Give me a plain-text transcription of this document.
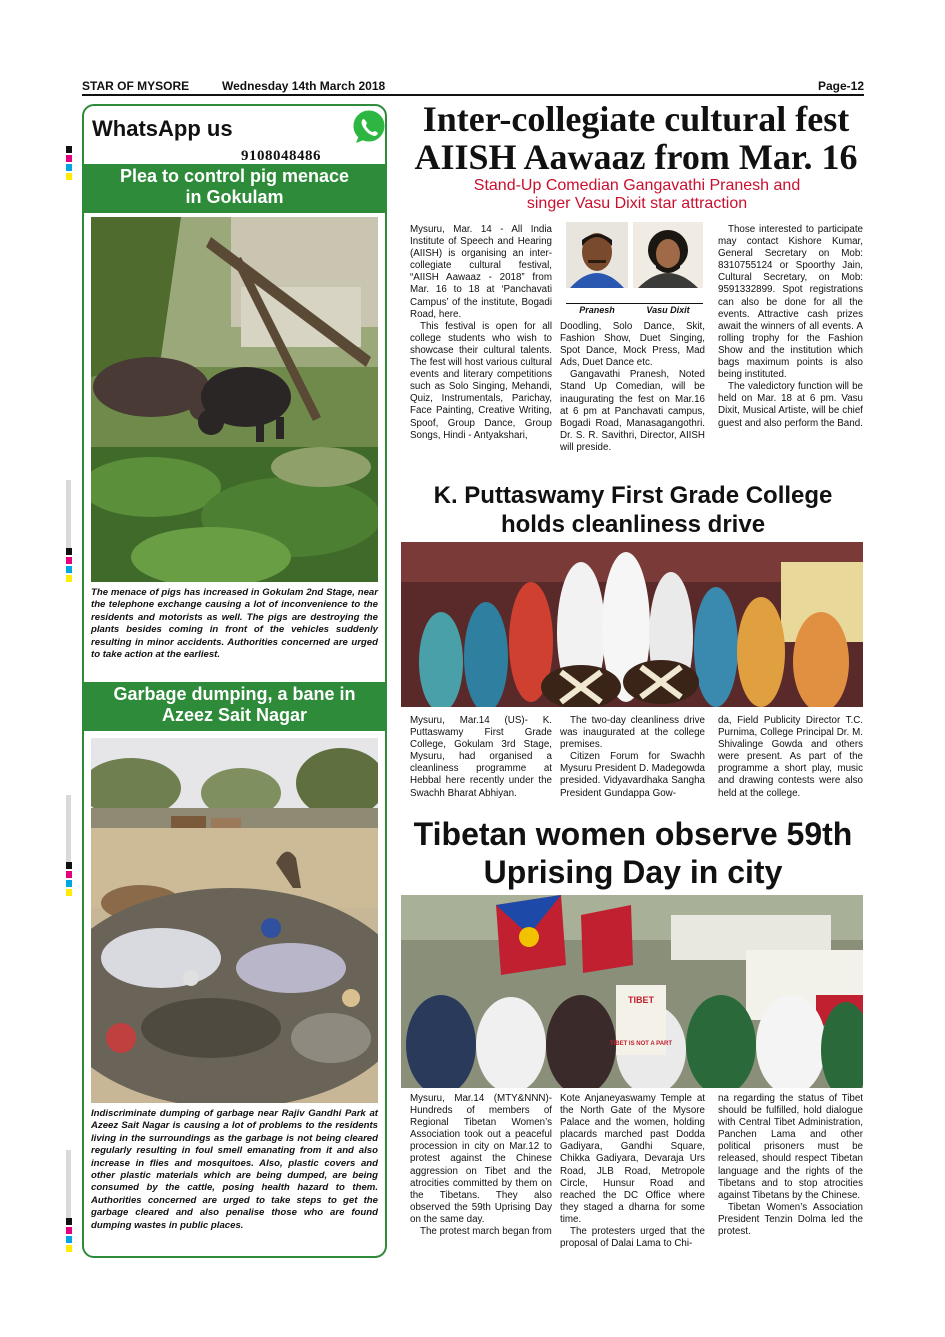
STAR OF MYSORE	Wednesday 14th March 2018	Page-12
WhatsApp us
9108048486
Plea to control pig menace
in Gokulam
The menace of pigs has increased in Gokulam 2nd Stage, near the telephone exchange causing a lot of inconvenience to the residents and motorists as well. The pigs are destroying the plants besides coming in front of the vehicles suddenly resulting in minor accidents. Authorities concerned are urged to take action at the earliest.
Garbage dumping, a bane in
Azeez Sait Nagar
Indiscriminate dumping of garbage near Rajiv Gandhi Park at Azeez Sait Nagar is causing a lot of problems to the residents living in the surroundings as the garbage is not being cleared regularly resulting in foul smell emanating from it and also increase in flies and mosquitoes. Also, plastic covers and other plastic materials which are being dumped, are being consumed by the cattle, posing health hazard to them. Authorities concerned are urged to take steps to get the garbage cleared and also penalise those who are found dumping wastes in public places.
Inter-collegiate cultural fest
AIISH Aawaaz from Mar. 16
Stand-Up Comedian Gangavathi Pranesh and
singer Vasu Dixit star attraction

Mysuru, Mar. 14 - All India Institute of Speech and Hearing (AIISH) is organising an inter-collegiate cultural festival, “AIISH Aawaaz - 2018” from Mar. 16 to 18 at ‘Panchavati Campus’ of the institute, Bogadi Road, here.

This festival is open for all college students who wish to showcase their cultural talents. The fest will host various cultural events and literary competitions such as Solo Singing, Mehandi, Quiz, Instrumentals, Parichay, Face Painting, Creative Writing, Spoof, Group Dance, Group Songs, Hindi - Antyakshari,

Pranesh	Vasu Dixit

Doodling, Solo Dance, Skit, Fashion Show, Duet Singing, Spot Dance, Mock Press, Mad Ads, Duet Dance etc.

Gangavathi Pranesh, Noted Stand Up Comedian, will be inaugurating the fest on Mar.16 at 6 pm at Panchavati campus, Bogadi Road, Manasagangothri. Dr. S. R. Savithri, Director, AIISH will preside.

Those interested to participate may contact Kishore Kumar, General Secretary on Mob: 8310755124 or Spoorthy Jain, Cultural Secretary, on Mob: 9591332899. Spot registrations can also be done for all the events. Attractive cash prizes await the winners of all events. A rolling trophy for the Fashion Show and the institution which bags maximum points is also being instituted.

The valedictory function will be held on Mar. 18 at 6 pm. Vasu Dixit, Musical Artiste, will be chief guest and also perform the Band.

K. Puttaswamy First Grade College
holds cleanliness drive

Mysuru, Mar.14 (US)- K. Puttaswamy First Grade College, Gokulam 3rd Stage, Mysuru, had organised a cleanliness programme at Hebbal here recently under the Swachh Bharat Abhiyan.

The two-day cleanliness drive was inaugurated at the college premises.

Citizen Forum for Swachh Mysuru President D. Madegowda presided. Vidyavardhaka Sangha President Gundappa Gow-

da, Field Publicity Director T.C. Purnima, College Principal Dr. M. Shivalinge Gowda and others were present. As part of the programme a short play, music and drawing contests were also held at the college.

Tibetan women observe 59th
Uprising Day in city
TIBET
TIBET IS NOT A PART

Mysuru, Mar.14 (MTY&NNN)- Hundreds of members of Regional Tibetan Women’s Association took out a peaceful procession in city on Mar.12 to protest against the Chinese aggression on Tibet and the atrocities committed by them on the Tibetans. They also observed the 59th Uprising Day on the same day.

The protest march began from

Kote Anjaneyaswamy Temple at the North Gate of the Mysore Palace and the women, holding placards marched past Dodda Gadiyara, Gandhi Square, Chikka Gadiyara, Devaraja Urs Road, JLB Road, Metropole Circle, Hunsur Road and reached the DC Office where they staged a dharna for some time.

The protesters urged that the proposal of Dalai Lama to Chi-

na regarding the status of Tibet should be fulfilled, hold dialogue with Central Tibet Administration, Panchen Lama and other political prisoners must be released, should respect Tibetan language and the rights of the Tibetans and to stop atrocities against Tibetans by the Chinese.

Tibetan Women’s Association President Tenzin Dolma led the protest.
